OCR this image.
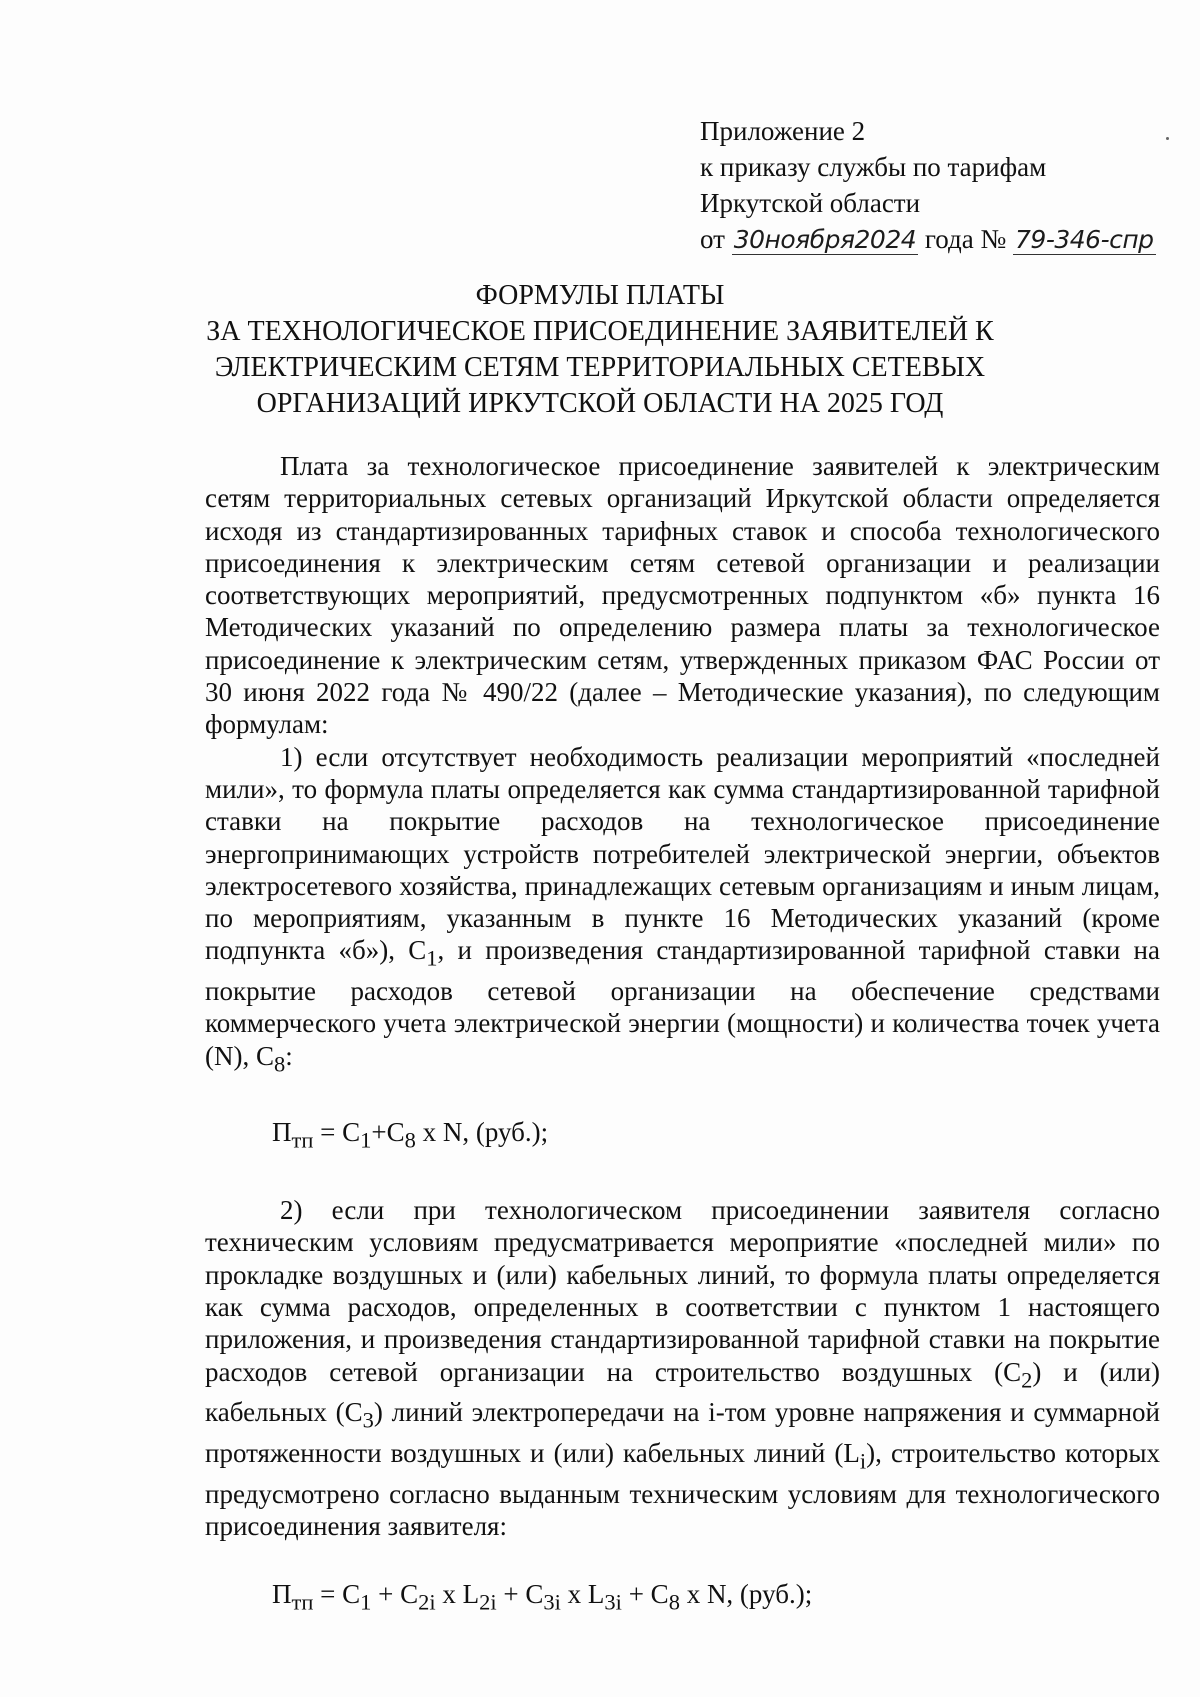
Приложение 2
к приказу службы по тарифам
Иркутской области
от 30ноября2024 года № 79-346-спр
ФОРМУЛЫ ПЛАТЫ
ЗА ТЕХНОЛОГИЧЕСКОЕ ПРИСОЕДИНЕНИЕ ЗАЯВИТЕЛЕЙ К
ЭЛЕКТРИЧЕСКИМ СЕТЯМ ТЕРРИТОРИАЛЬНЫХ СЕТЕВЫХ
ОРГАНИЗАЦИЙ ИРКУТСКОЙ ОБЛАСТИ НА 2025 ГОД

Плата за технологическое присоединение заявителей к электрическим сетям территориальных сетевых организаций Иркутской области определяется исходя из стандартизированных тарифных ставок и способа технологического присоединения к электрическим сетям сетевой организации и реализации соответствующих мероприятий, предусмотренных подпунктом «б» пункта 16 Методических указаний по определению размера платы за технологическое присоединение к электрическим сетям, утвержденных приказом ФАС России от 30 июня 2022 года № 490/22 (далее – Методические указания), по следующим формулам:

1) если отсутствует необходимость реализации мероприятий «последней мили», то формула платы определяется как сумма стандартизированной тарифной ставки на покрытие расходов на технологическое присоединение энергопринимающих устройств потребителей электрической энергии, объектов электросетевого хозяйства, принадлежащих сетевым организациям и иным лицам, по мероприятиям, указанным в пункте 16 Методических указаний (кроме подпункта «б»), $С_1$, и произведения стандартизированной тарифной ставки на покрытие расходов сетевой организации на обеспечение средствами коммерческого учета электрической энергии (мощности) и количества точек учета (N), $С_8$:

$П_{тп} = С_1+С_8$ x N, (руб.);

2) если при технологическом присоединении заявителя согласно техническим условиям предусматривается мероприятие «последней мили» по прокладке воздушных и (или) кабельных линий, то формула платы определяется как сумма расходов, определенных в соответствии с пунктом 1 настоящего приложения, и произведения стандартизированной тарифной ставки на покрытие расходов сетевой организации на строительство воздушных $(С_2)$ и (или) кабельных $(С_3)$ линий электропередачи на i-том уровне напряжения и суммарной протяженности воздушных и (или) кабельных линий $(L_i)$, строительство которых предусмотрено согласно выданным техническим условиям для технологического присоединения заявителя:

$П_{тп} = С_1 + С_{2i}$ x $L_{2i} + С_{3i}$ x $L_{3i} + С_8$ x N, (руб.);
